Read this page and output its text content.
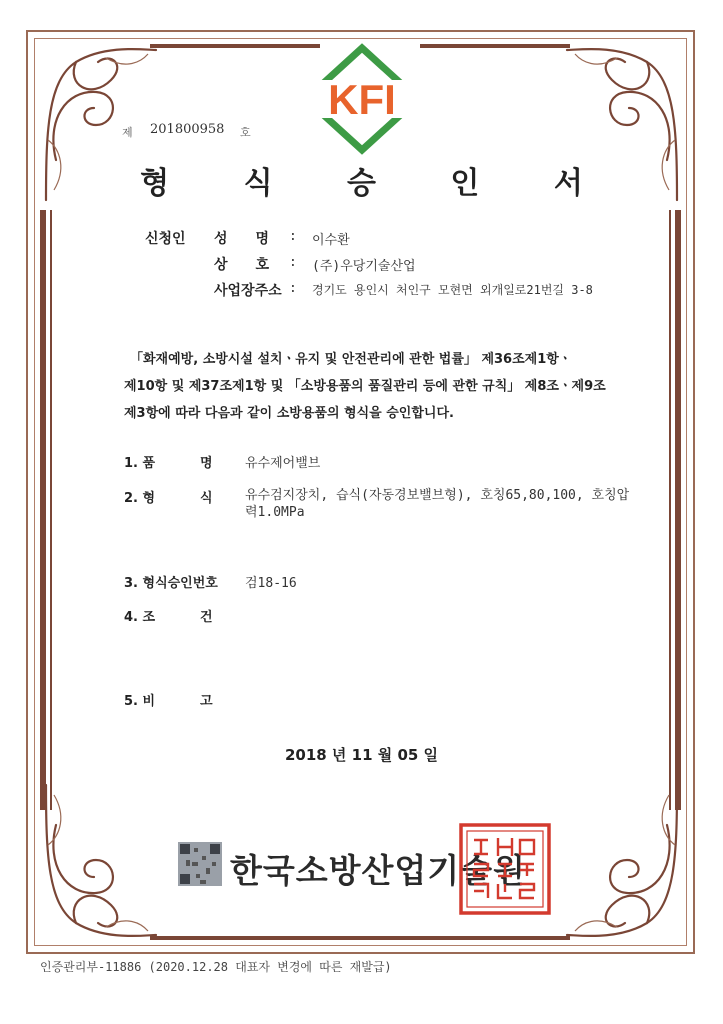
KFI
제 201800958 호
형 식 승 인 서
신청인 성　　명 : 이수환
상　　호 : (주)우당기술산업
사업장주소 : 경기도 용인시 처인구 모현면 외개일로21번길 3-8
「화재예방, 소방시설 설치ㆍ유지 및 안전관리에 관한 법률」 제36조제1항ㆍ
제10항 및 제37조제1항 및 「소방용품의 품질관리 등에 관한 규칙」 제8조ㆍ제9조
제3항에 따라 다음과 같이 소방용품의 형식을 승인합니다.
1. 품	명 유수제어밸브
2. 형	식 유수검지장치, 습식(자동경보밸브형), 호칭65,80,100, 호칭압력1.0MPa
3. 형식승인번호 검18-16
4. 조	건
5. 비	고
2018 년 11 월 05 일
한국소방산업기술원
인증관리부-11886 (2020.12.28 대표자 변경에 따른 재발급)
